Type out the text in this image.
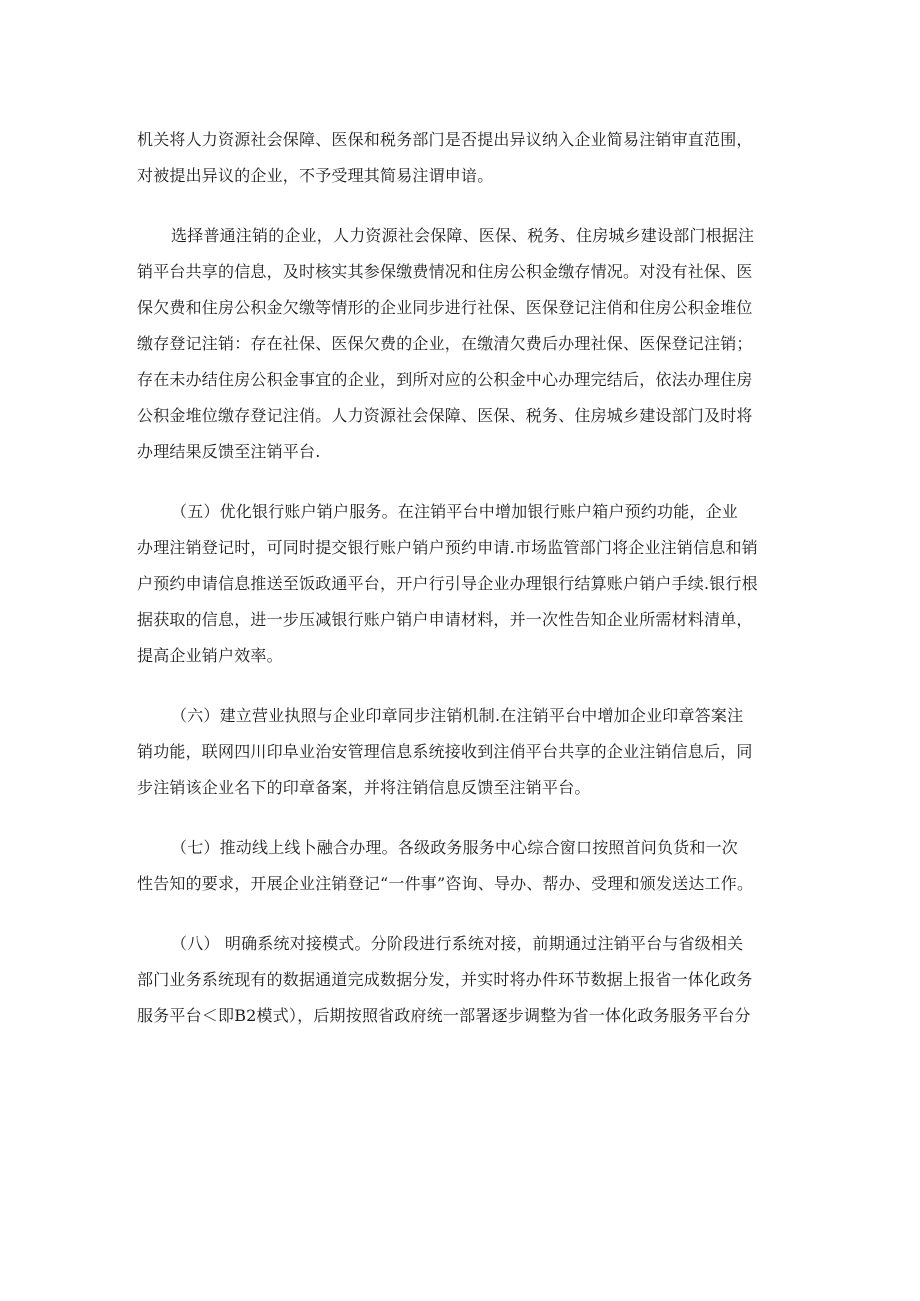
机关将人力资源社会保障、医保和税务部门是否提出异议纳入企业简易注销审直范围，
对被提出异议的企业，不予受理其简易注谓申谙。
选择普通注销的企业，人力资源社会保障、医保、税务、住房城乡建设部门根据注
销平台共享的信息，及时核实其参保缴费情况和住房公积金缴存情况。对没有社保、医
保欠费和住房公积金欠缴等情形的企业同步进行社保、医保登记注俏和住房公积金堆位
缴存登记注销：存在社保、医保欠费的企业，在缴清欠费后办理社保、医保登记注销；
存在未办结住房公积金事宜的企业，到所对应的公积金中心办理完结后，依法办理住房
公积金堆位缴存登记注俏。人力资源社会保障、医保、税务、住房城乡建设部门及时将
办理结果反馈至注销平台.
（五）优化银行账户销户服务。在注销平台中增加银行账户箱户预约功能，企业
办理注销登记时，可同时提交银行账户销户预约申请.市场监管部门将企业注销信息和销
户预约申请信息推送至饭政通平台，开户行引导企业办理银行结算账户销户手续.银行根
据获取的信息，进一步压减银行账户销户申请材料，并一次性告知企业所需材料清单，
提高企业销户效率。
（六）建立营业执照与企业印章同步注销机制.在注销平台中增加企业印章答案注
销功能，联网四川印阜业治安管理信息系统接收到注俏平台共享的企业注销信息后，同
步注销该企业名下的印章备案，并将注销信息反馈至注销平台。
（七）推动线上线卜融合办理。各级政务服务中心综合窗口按照首问负货和一次
性告知的要求，开展企业注销登记“一件事”咨询、导办、帮办、受理和颁发送达工作。
（八） 明确系统对接模式。分阶段进行系统对接，前期通过注销平台与省级相关
部门业务系统现有的数据通道完成数据分发，并实时将办件环节数据上报省一体化政务
服务平台＜即B2模式），后期按照省政府统一部署逐步调整为省一体化政务服务平台分
